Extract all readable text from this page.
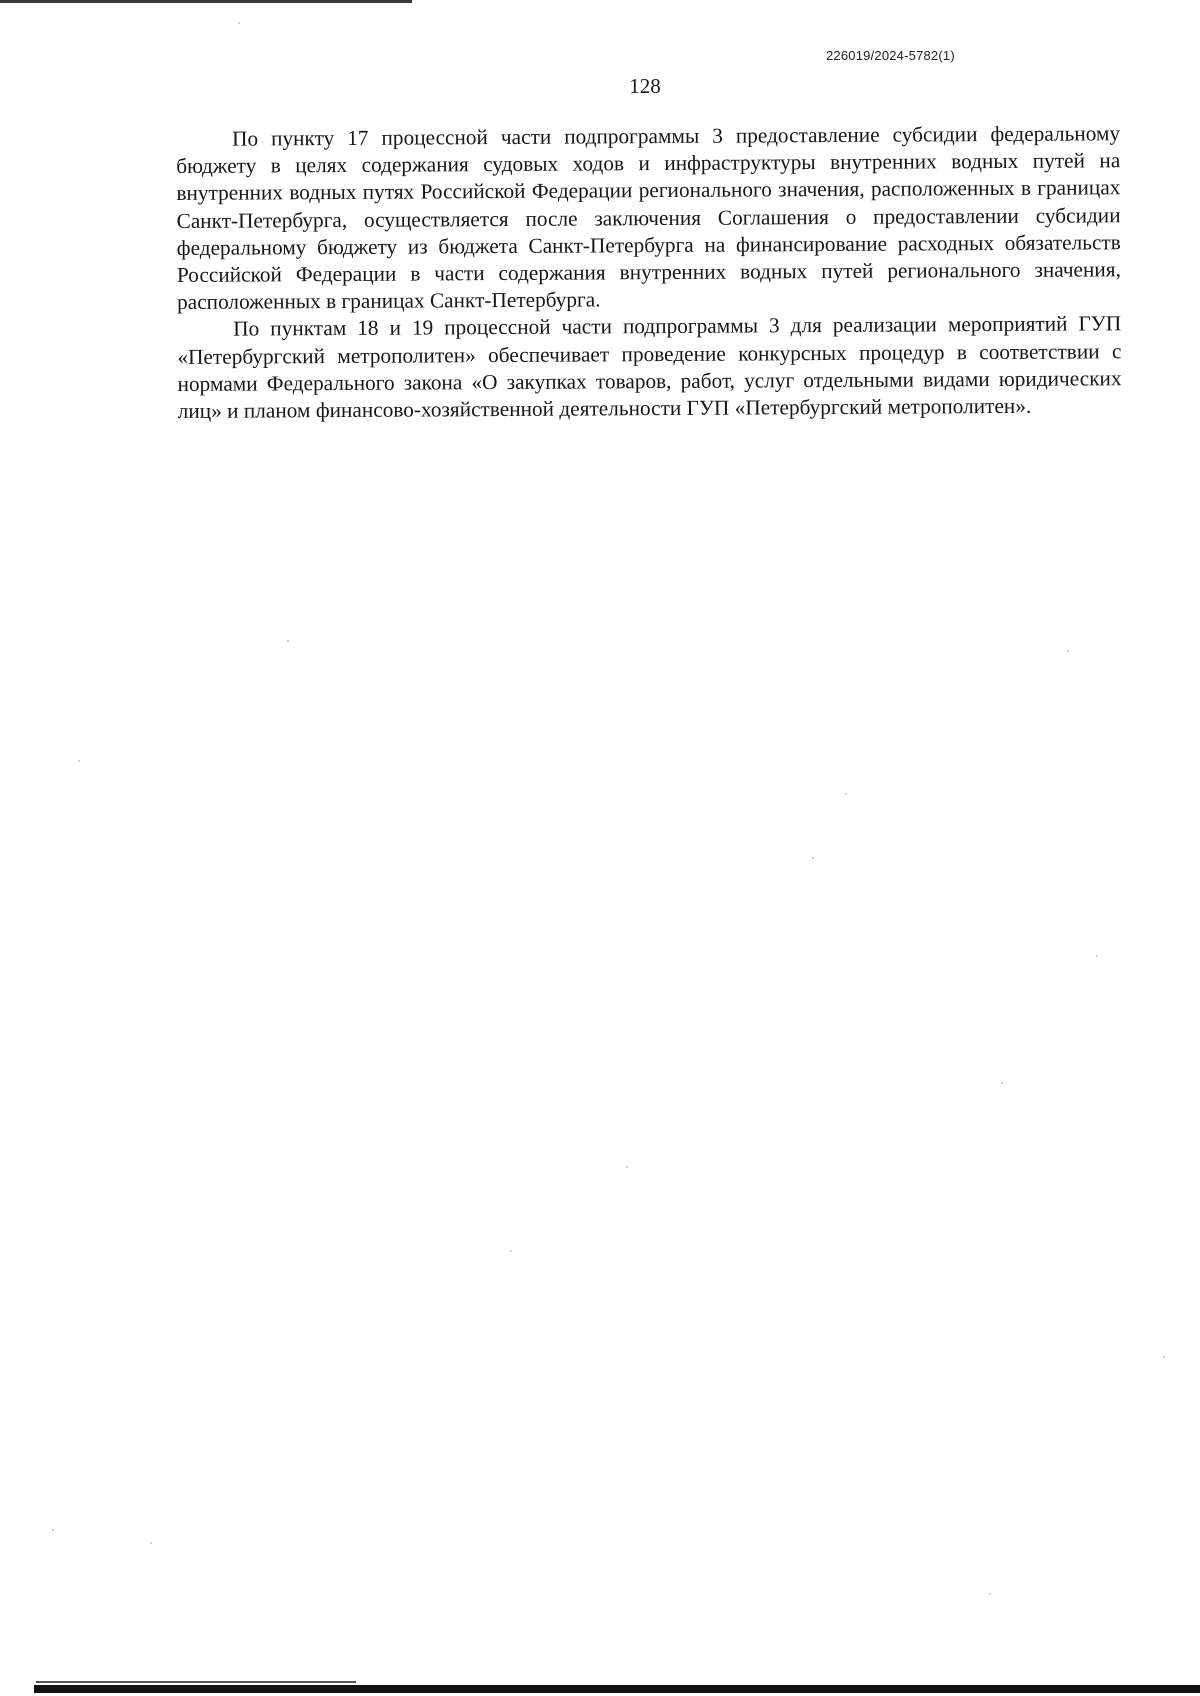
226019/2024-5782(1)
128

По пункту 17 процессной части подпрограммы 3 предоставление субсидии федеральному бюджету в целях содержания судовых ходов и инфраструктуры внутренних водных путей на внутренних водных путях Российской Федерации регионального значения, расположенных в границах Санкт-Петербурга, осуществляется после заключения Соглашения о предоставлении субсидии федеральному бюджету из бюджета Санкт-Петербурга на финансирование расходных обязательств Российской Федерации в части содержания внутренних водных путей регионального значения, расположенных в границах Санкт-Петербурга.

По пунктам 18 и 19 процессной части подпрограммы 3 для реализации мероприятий ГУП «Петербургский метрополитен» обеспечивает проведение конкурсных процедур в соответствии с нормами Федерального закона «О закупках товаров, работ, услуг отдельными видами юридических лиц» и планом финансово-хозяйственной деятельности ГУП «Петербургский метрополитен».
